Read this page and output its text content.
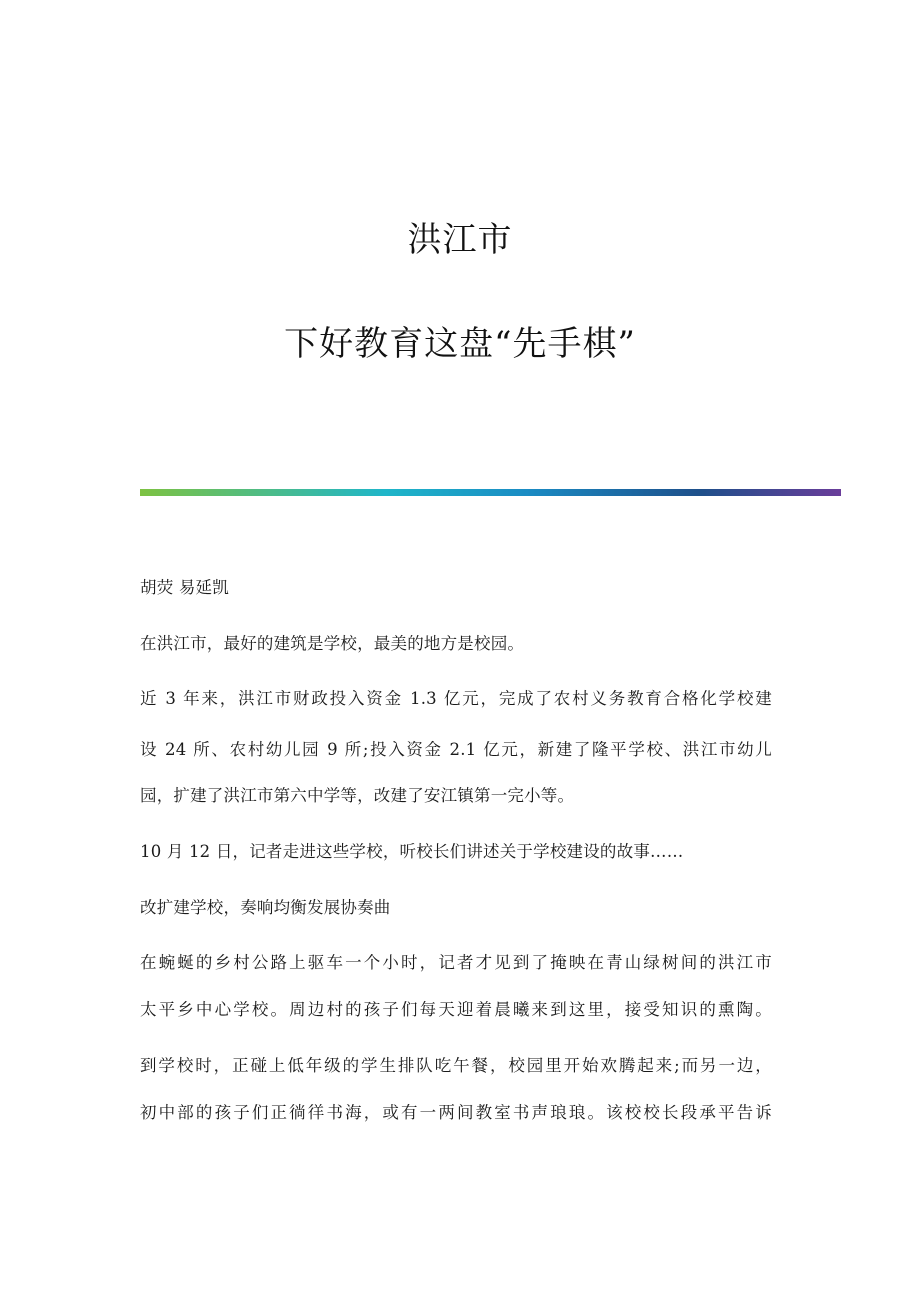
洪江市
下好教育这盘“先手棋”
胡荧 易延凯
在洪江市，最好的建筑是学校，最美的地方是校园。
近 3 年来，洪江市财政投入资金 1.3 亿元，完成了农村义务教育合格化学校建
设 24 所、农村幼儿园 9 所;投入资金 2.1 亿元，新建了隆平学校、洪江市幼儿
园，扩建了洪江市第六中学等，改建了安江镇第一完小等。
10 月 12 日，记者走进这些学校，听校长们讲述关于学校建设的故事……
改扩建学校，奏响均衡发展协奏曲
在蜿蜒的乡村公路上驱车一个小时，记者才见到了掩映在青山绿树间的洪江市
太平乡中心学校。周边村的孩子们每天迎着晨曦来到这里，接受知识的熏陶。
到学校时，正碰上低年级的学生排队吃午餐，校园里开始欢腾起来;而另一边，
初中部的孩子们正徜徉书海，或有一两间教室书声琅琅。该校校长段承平告诉
